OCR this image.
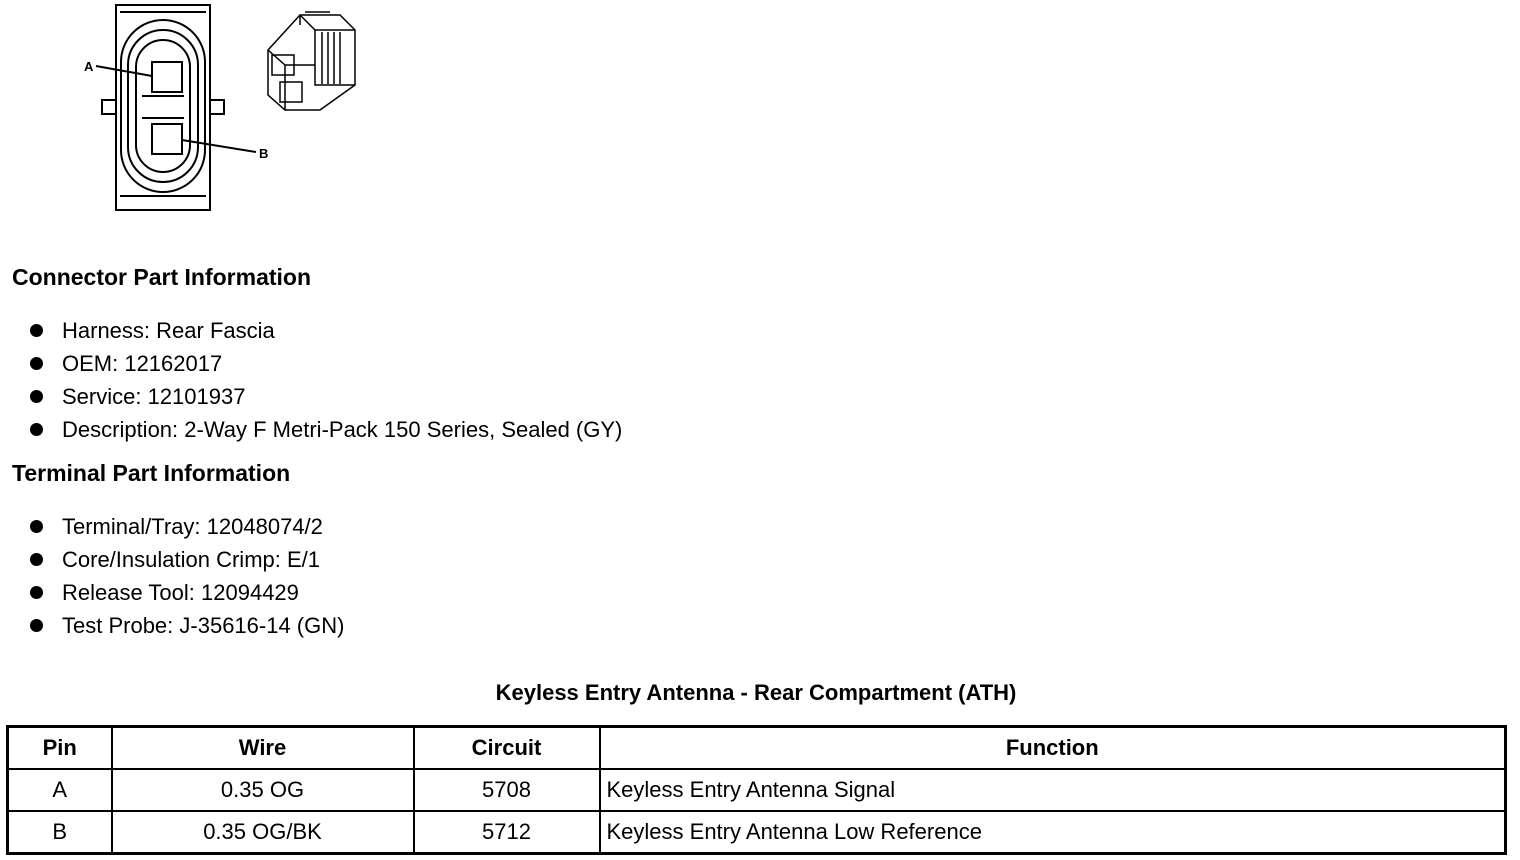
A
B
Connector Part Information
Harness: Rear Fascia
OEM: 12162017
Service: 12101937
Description: 2-Way F Metri-Pack 150 Series, Sealed (GY)
Terminal Part Information
Terminal/Tray: 12048074/2
Core/Insulation Crimp: E/1
Release Tool: 12094429
Test Probe: J-35616-14 (GN)
Keyless Entry Antenna - Rear Compartment (ATH)
Pin	Wire	Circuit	Function
A	0.35 OG	5708	Keyless Entry Antenna Signal
B	0.35 OG/BK	5712	Keyless Entry Antenna Low Reference
